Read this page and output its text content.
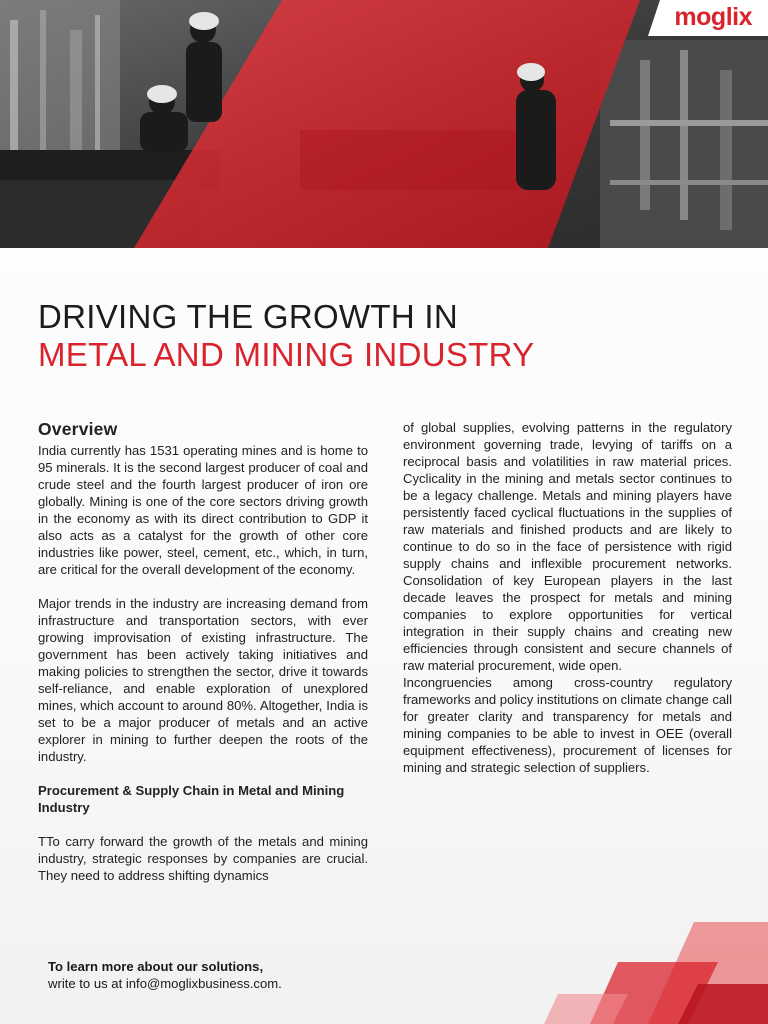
moglix
DRIVING THE GROWTH IN
METAL AND MINING INDUSTRY
Overview

India currently has 1531 operating mines and is home to 95 minerals. It is the second largest producer of coal and crude steel and the fourth largest producer of iron ore globally. Mining is one of the core sectors driving growth in the economy as with its direct contribution to GDP it also acts as a catalyst for the growth of other core industries like power, steel, cement, etc., which, in turn, are critical for the overall development of the economy.

Major trends in the industry are increasing demand from infrastructure and transportation sectors, with ever growing improvisation of existing infrastructure. The government has been actively taking initiatives and making policies to strengthen the sector, drive it towards self-reliance, and enable exploration of unexplored mines, which account to around 80%. Altogether, India is set to be a major producer of metals and an active explorer in mining to further deepen the roots of the industry.

Procurement & Supply Chain in Metal and Mining Industry

TTo carry forward the growth of the metals and mining industry, strategic responses by companies are crucial. They need to address shifting dynamics

of global supplies, evolving patterns in the regulatory environment governing trade, levying of tariffs on a reciprocal basis and volatilities in raw material prices. Cyclicality in the mining and metals sector continues to be a legacy challenge. Metals and mining players have persistently faced cyclical fluctuations in the supplies of raw materials and finished products and are likely to continue to do so in the face of persistence with rigid supply chains and inflexible procurement networks. Consolidation of key European players in the last decade leaves the prospect for metals and mining companies to explore opportunities for vertical integration in their supply chains and creating new efficiencies through consistent and secure channels of raw material procurement, wide open.

Incongruencies among cross-country regulatory frameworks and policy institutions on climate change call for greater clarity and transparency for metals and mining companies to be able to invest in OEE (overall equipment effectiveness), procurement of licenses for mining and strategic selection of suppliers.

To learn more about our solutions,
write to us at info@moglixbusiness.com.
